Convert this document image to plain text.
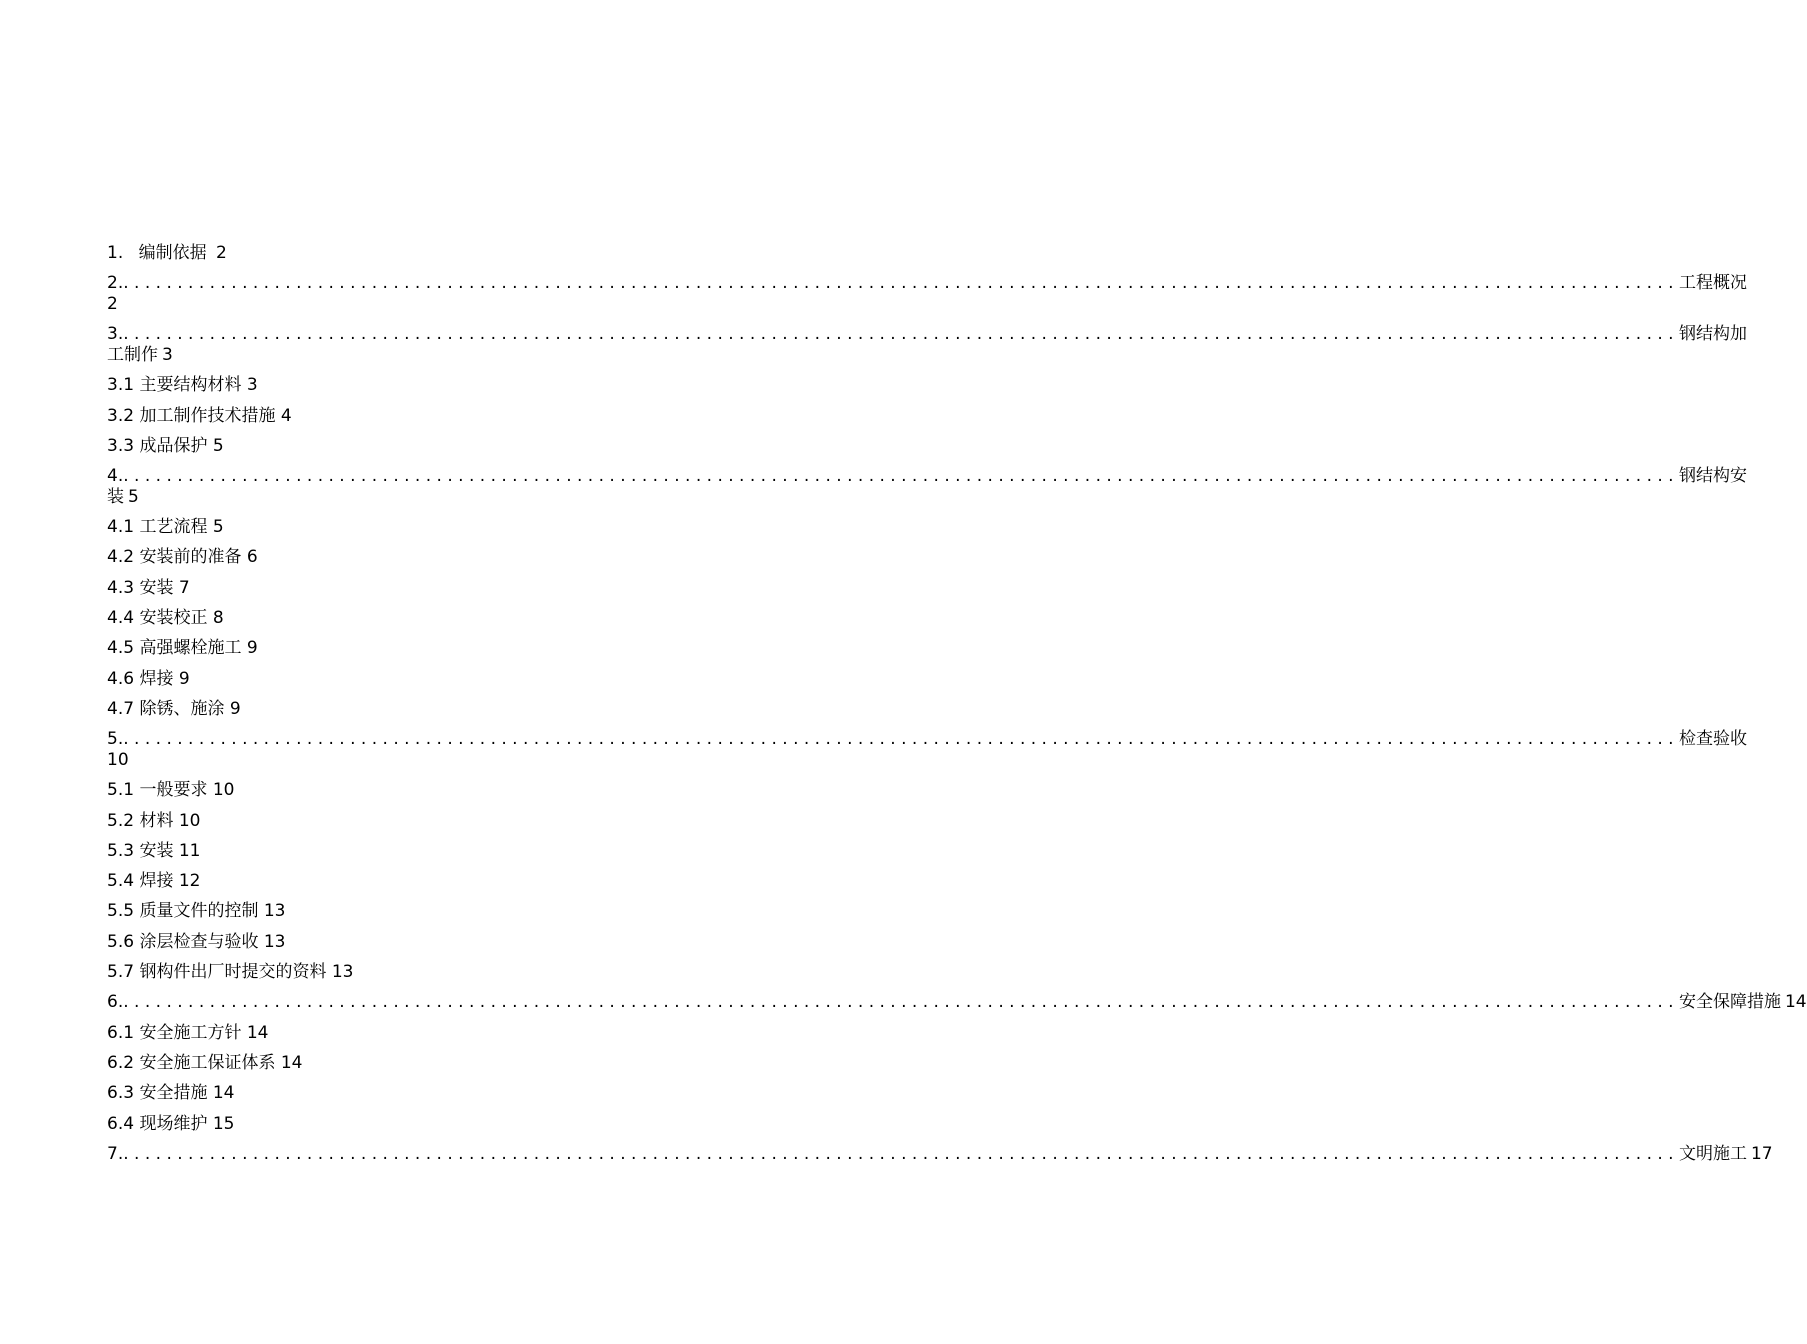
1. 编制依据 2
2. ................................................................................................................................................ 工程概况
2
3. ................................................................................................................................................ 钢结构加
工制作 3
3.1 主要结构材料 3
3.2 加工制作技术措施 4
3.3 成品保护 5
4. ................................................................................................................................................ 钢结构安
装 5
4.1 工艺流程 5
4.2 安装前的准备 6
4.3 安装 7
4.4 安装校正 8
4.5 高强螺栓施工 9
4.6 焊接 9
4.7 除锈、施涂 9
5. ................................................................................................................................................ 检查验收
10
5.1 一般要求 10
5.2 材料 10
5.3 安装 11
5.4 焊接 12
5.5 质量文件的控制 13
5.6 涂层检查与验收 13
5.7 钢构件出厂时提交的资料 13
6. ................................................................................................................................................ 安全保障措施 14
6.1 安全施工方针 14
6.2 安全施工保证体系 14
6.3 安全措施 14
6.4 现场维护 15
7. ................................................................................................................................................ 文明施工 17
